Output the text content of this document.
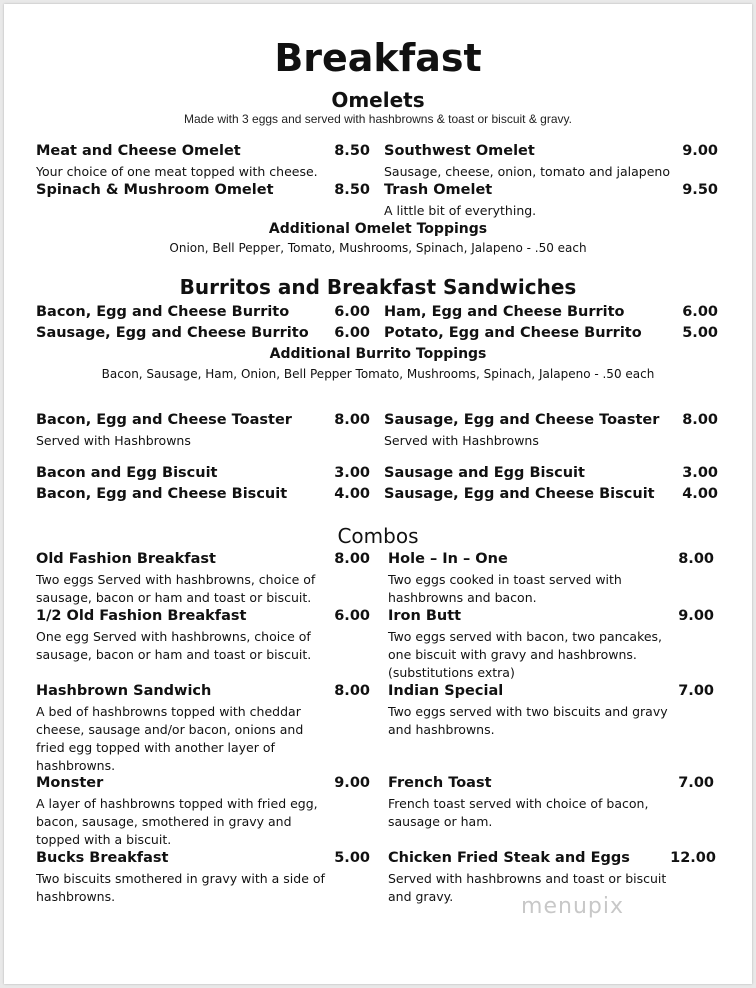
Breakfast
Omelets
Made with 3 eggs and served with hashbrowns & toast or biscuit & gravy.
Meat and Cheese Omelet	8.50
Your choice of one meat topped with cheese.
Southwest Omelet	9.00
Sausage, cheese, onion, tomato and jalapeno
Spinach & Mushroom Omelet	8.50 Trash Omelet	9.50
A little bit of everything.
Additional Omelet Toppings
Onion, Bell Pepper, Tomato, Mushrooms, Spinach, Jalapeno - .50 each
Burritos and Breakfast Sandwiches
Bacon, Egg and Cheese Burrito	6.00 Ham, Egg and Cheese Burrito	6.00
Sausage, Egg and Cheese Burrito	6.00 Potato, Egg and Cheese Burrito	5.00
Additional Burrito Toppings
Bacon, Sausage, Ham, Onion, Bell Pepper Tomato, Mushrooms, Spinach, Jalapeno - .50 each
Bacon, Egg and Cheese Toaster	8.00
Served with Hashbrowns
Sausage, Egg and Cheese Toaster	8.00
Served with Hashbrowns
Bacon and Egg Biscuit	3.00 Sausage and Egg Biscuit	3.00
Bacon, Egg and Cheese Biscuit	4.00 Sausage, Egg and Cheese Biscuit	4.00
Combos
Old Fashion Breakfast	8.00
Two eggs Served with hashbrowns, choice of sausage, bacon or ham and toast or biscuit.
Hole – In – One	8.00
Two eggs cooked in toast served with hashbrowns and bacon.
1/2 Old Fashion Breakfast	6.00
One egg Served with hashbrowns, choice of sausage, bacon or ham and toast or biscuit.
Iron Butt	9.00
Two eggs served with bacon, two pancakes, one biscuit with gravy and hashbrowns. (substitutions extra)
Hashbrown Sandwich	8.00
A bed of hashbrowns topped with cheddar cheese, sausage and/or bacon, onions and fried egg topped with another layer of hashbrowns.
Indian Special	7.00
Two eggs served with two biscuits and gravy and hashbrowns.
Monster	9.00
A layer of hashbrowns topped with fried egg, bacon, sausage, smothered in gravy and topped with a biscuit.
French Toast	7.00
French toast served with choice of bacon, sausage or ham.
Bucks Breakfast	5.00
Two biscuits smothered in gravy with a side of hashbrowns.
Chicken Fried Steak and Eggs	12.00
Served with hashbrowns and toast or biscuit and gravy.	menupix
